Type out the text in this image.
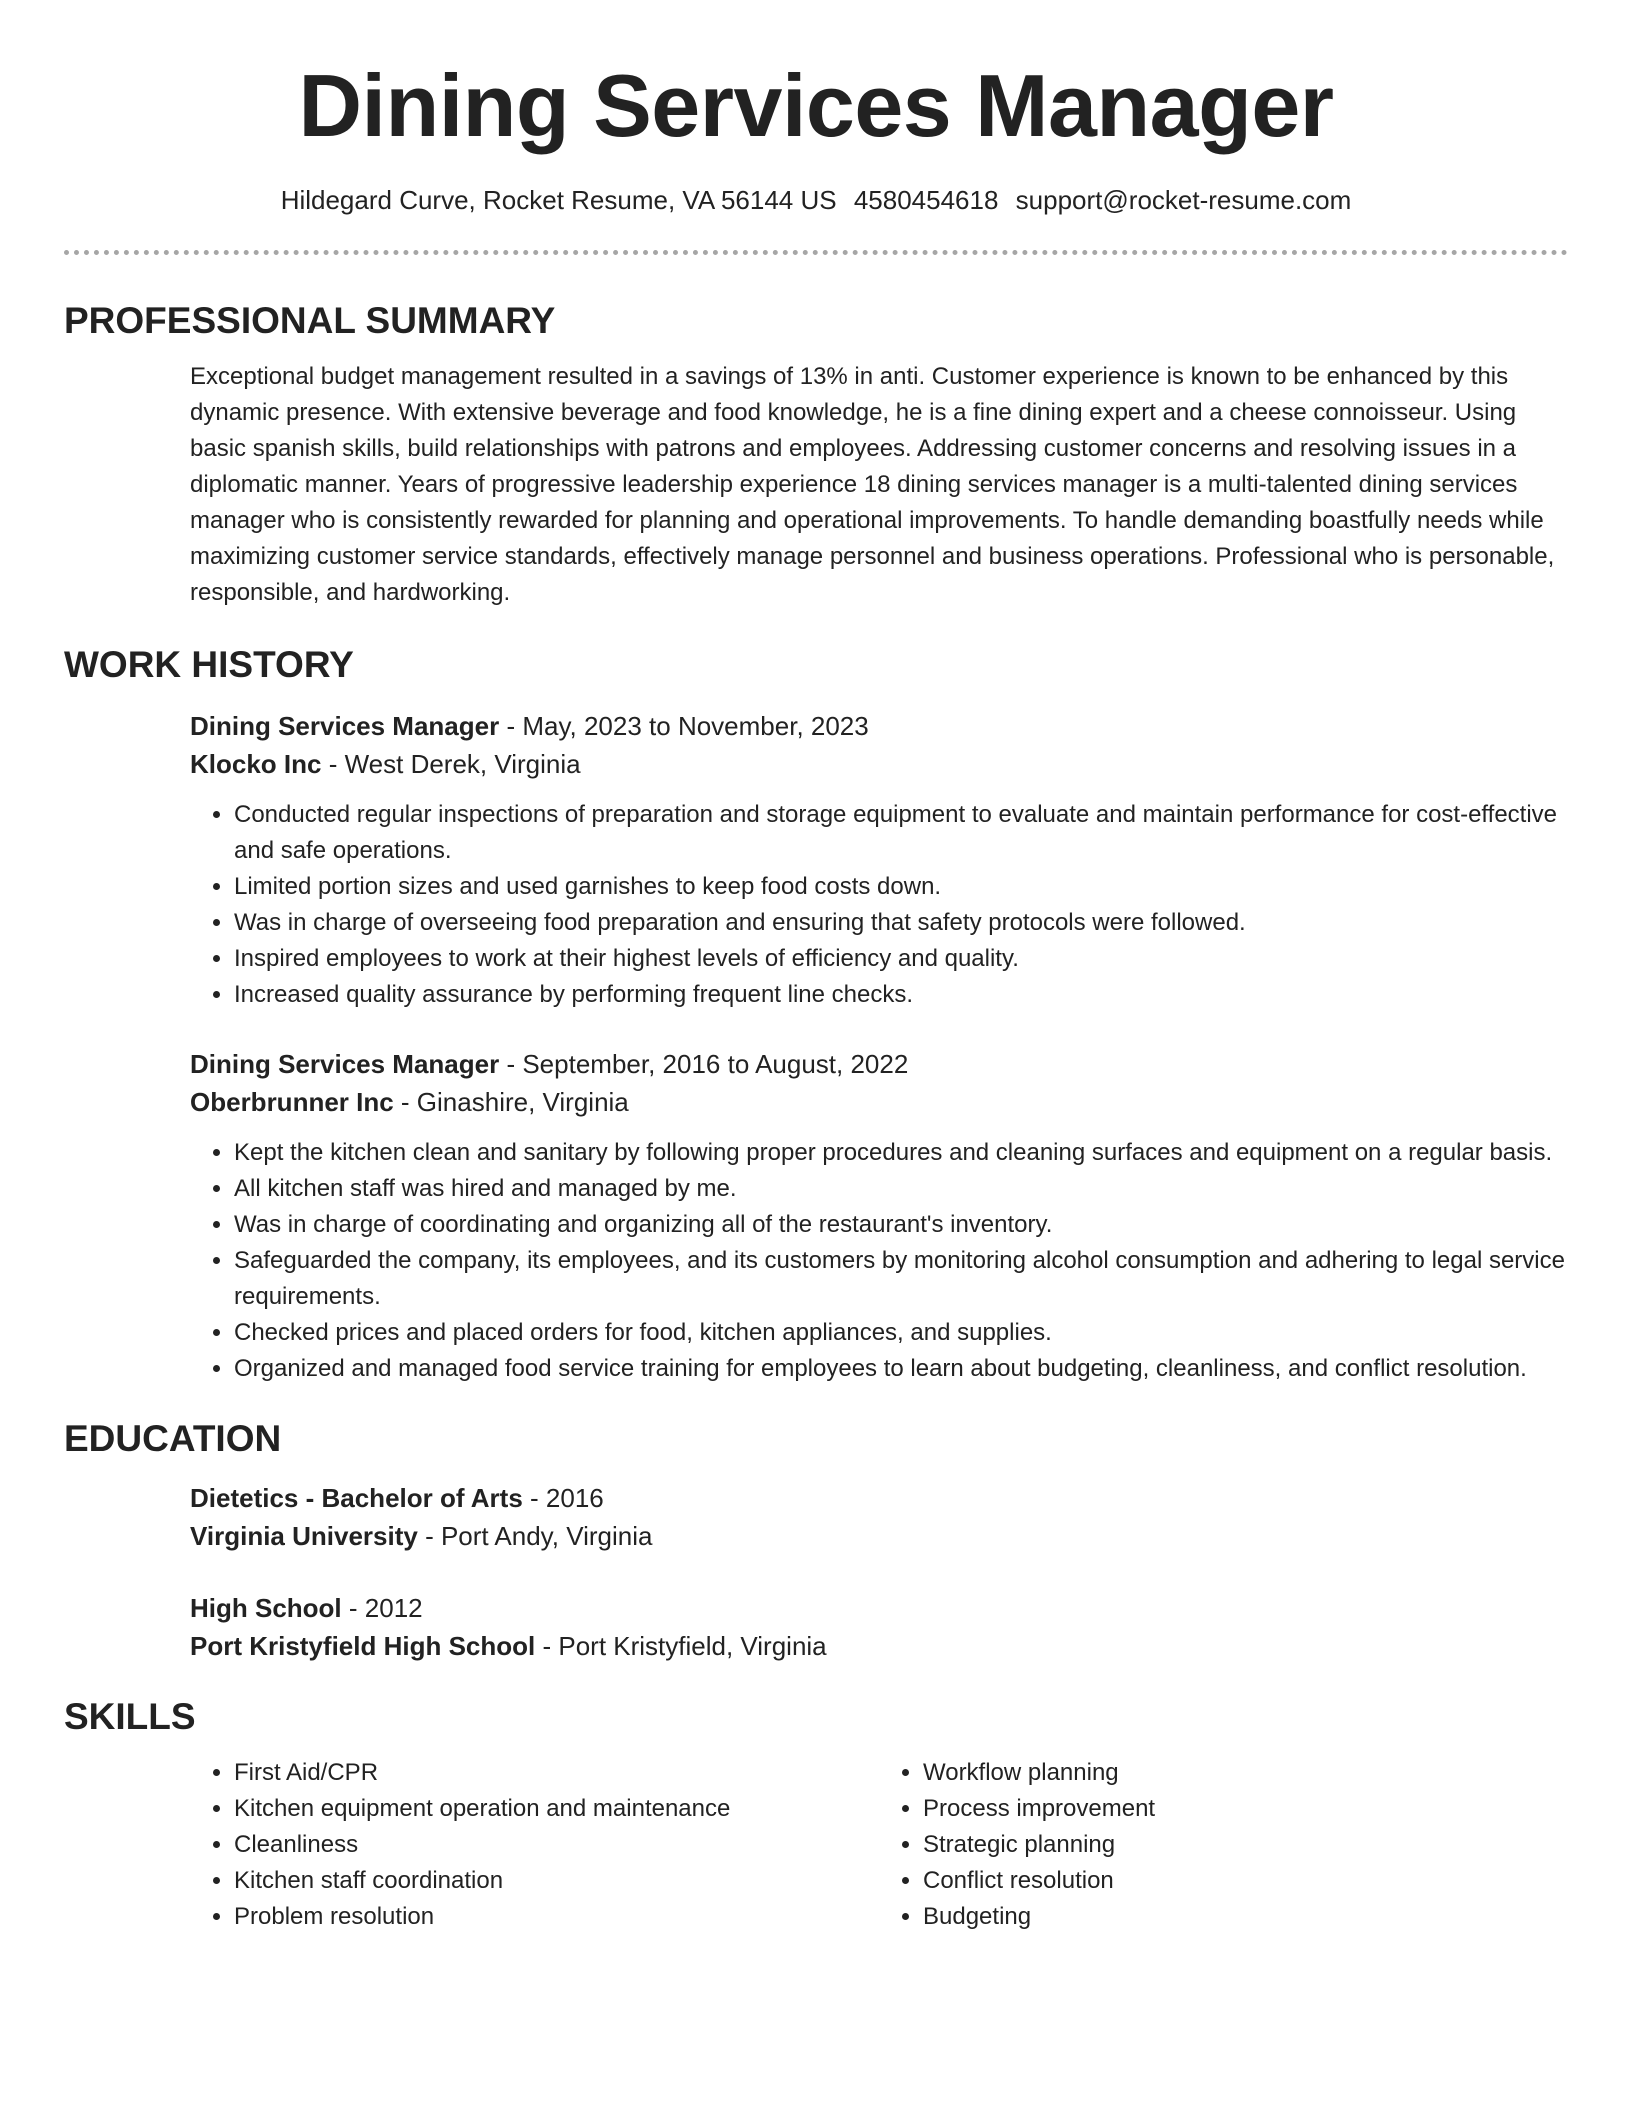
Dining Services Manager
Hildegard Curve, Rocket Resume, VA 56144 US 4580454618 support@rocket-resume.com
PROFESSIONAL SUMMARY
Exceptional budget management resulted in a savings of 13% in anti. Customer experience is known to be enhanced by this dynamic presence. With extensive beverage and food knowledge, he is a fine dining expert and a cheese connoisseur. Using basic spanish skills, build relationships with patrons and employees. Addressing customer concerns and resolving issues in a diplomatic manner. Years of progressive leadership experience 18 dining services manager is a multi-talented dining services manager who is consistently rewarded for planning and operational improvements. To handle demanding boastfully needs while maximizing customer service standards, effectively manage personnel and business operations. Professional who is personable, responsible, and hardworking.
WORK HISTORY
Dining Services Manager - May, 2023 to November, 2023
Klocko Inc - West Derek, Virginia
• Conducted regular inspections of preparation and storage equipment to evaluate and maintain performance for cost-effective and safe operations.
• Limited portion sizes and used garnishes to keep food costs down.
• Was in charge of overseeing food preparation and ensuring that safety protocols were followed.
• Inspired employees to work at their highest levels of efficiency and quality.
• Increased quality assurance by performing frequent line checks.
Dining Services Manager - September, 2016 to August, 2022
Oberbrunner Inc - Ginashire, Virginia
• Kept the kitchen clean and sanitary by following proper procedures and cleaning surfaces and equipment on a regular basis.
• All kitchen staff was hired and managed by me.
• Was in charge of coordinating and organizing all of the restaurant's inventory.
• Safeguarded the company, its employees, and its customers by monitoring alcohol consumption and adhering to legal service requirements.
• Checked prices and placed orders for food, kitchen appliances, and supplies.
• Organized and managed food service training for employees to learn about budgeting, cleanliness, and conflict resolution.
EDUCATION
Dietetics - Bachelor of Arts - 2016
Virginia University - Port Andy, Virginia
High School - 2012
Port Kristyfield High School - Port Kristyfield, Virginia
SKILLS
• First Aid/CPR
• Kitchen equipment operation and maintenance
• Cleanliness
• Kitchen staff coordination
• Problem resolution
• Workflow planning
• Process improvement
• Strategic planning
• Conflict resolution
• Budgeting
